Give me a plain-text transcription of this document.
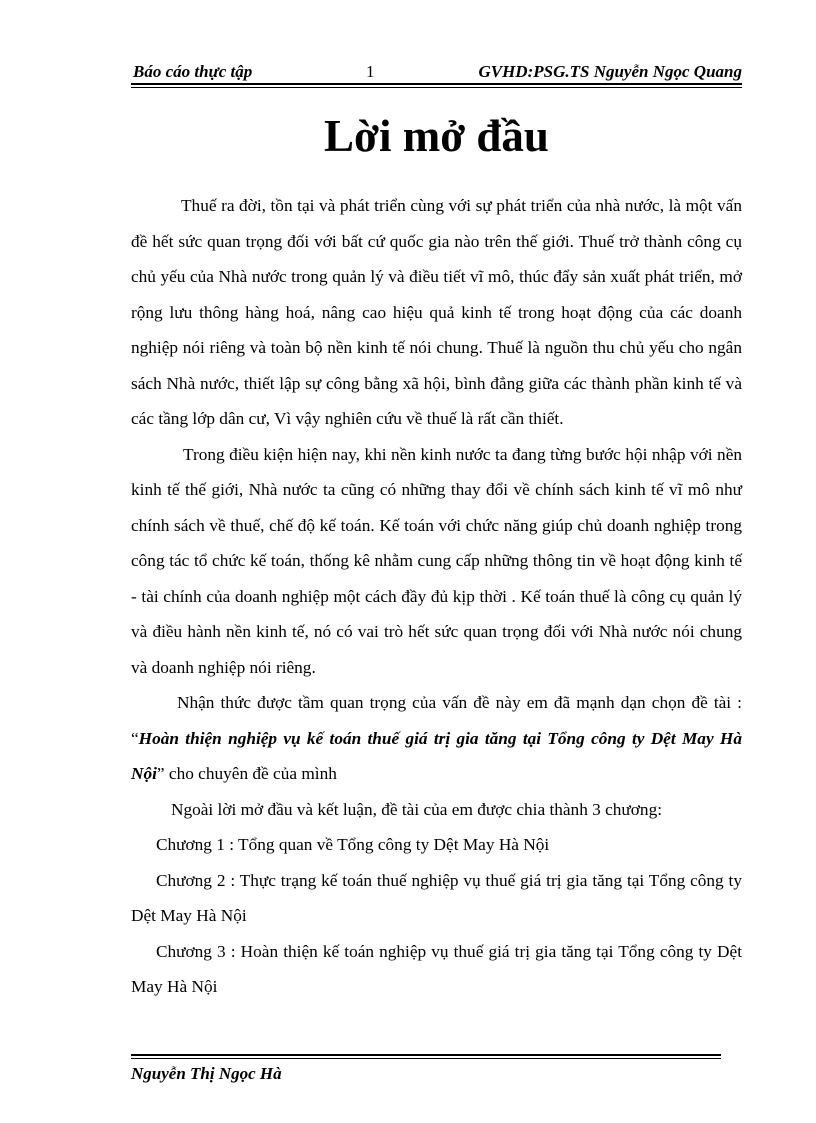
Báo cáo thực tập	1	GVHD:PSG.TS Nguyễn Ngọc Quang
Lời mở đầu

Thuế ra đời, tồn tại và phát triển cùng với sự phát triển của nhà nước, là một vấn đề hết sức quan trọng đối với bất cứ quốc gia nào trên thế giới. Thuế trở thành công cụ chủ yếu của Nhà nước trong quản lý và điều tiết vĩ mô, thúc đẩy sản xuất phát triển, mở rộng lưu thông hàng hoá, nâng cao hiệu quả kinh tế trong hoạt động của các doanh nghiệp nói riêng và toàn bộ nền kinh tế nói chung. Thuế là nguồn thu chủ yếu cho ngân sách Nhà nước, thiết lập sự công bằng xã hội, bình đẳng giữa các thành phần kinh tế và các tầng lớp dân cư, Vì vậy nghiên cứu về thuế là rất cần thiết.

Trong điều kiện hiện nay, khi nền kinh nước ta đang từng bước hội nhập với nền kinh tế thế giới, Nhà nước ta cũng có những thay đổi về chính sách kinh tế vĩ mô như chính sách về thuế, chế độ kế toán. Kế toán với chức năng giúp chủ doanh nghiệp trong công tác tổ chức kế toán, thống kê nhằm cung cấp những thông tin về hoạt động kinh tế - tài chính của doanh nghiệp một cách đầy đủ kịp thời . Kế toán thuế là công cụ quản lý và điều hành nền kinh tế, nó có vai trò hết sức quan trọng đối với Nhà nước nói chung và doanh nghiệp nói riêng.

Nhận thức được tầm quan trọng của vấn đề này em đã mạnh dạn chọn đề tài : “Hoàn thiện nghiệp vụ kế toán thuế giá trị gia tăng tại Tổng công ty Dệt May Hà Nội” cho chuyên đề của mình

Ngoài lời mở đầu và kết luận, đề tài của em được chia thành 3 chương:

Chương 1 : Tổng quan về Tổng công ty Dệt May Hà Nội

Chương 2 : Thực trạng kế toán thuế nghiệp vụ thuế giá trị gia tăng tại Tổng công ty Dệt May Hà Nội

Chương 3 : Hoàn thiện kế toán nghiệp vụ thuế giá trị gia tăng tại Tổng công ty Dệt May Hà Nội

Nguyễn Thị Ngọc Hà
